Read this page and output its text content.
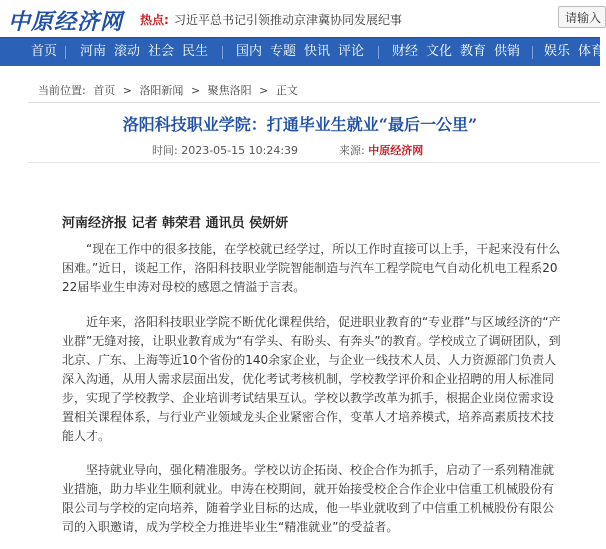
中原经济网 热点: 习近平总书记引领推动京津冀协同发展纪事	请输入
首页 河南 滚动 社会 民生 国内 专题 快讯 评论 财经 文化 教育 供销 娱乐 体育
当前位置: 首页 > 洛阳新闻 > 聚焦洛阳 > 正文
洛阳科技职业学院：打通毕业生就业“最后一公里”
时间: 2023-05-15 10:24:39	来源: 中原经济网
河南经济报 记者 韩荣君 通讯员 侯妍妍
“现在工作中的很多技能，在学校就已经学过，所以工作时直接可以上手，干起来没有什么困难。”近日，谈起工作，洛阳科技职业学院智能制造与汽车工程学院电气自动化机电工程系2022届毕业生申涛对母校的感恩之情溢于言表。
近年来，洛阳科技职业学院不断优化课程供给，促进职业教育的“专业群”与区域经济的“产业群”无缝对接，让职业教育成为“有学头、有盼头、有奔头”的教育。学校成立了调研团队，到北京、广东、上海等近10个省份的140余家企业，与企业一线技术人员、人力资源部门负责人深入沟通，从用人需求层面出发，优化考试考核机制，学校教学评价和企业招聘的用人标准同步，实现了学校教学、企业培训考试结果互认。学校以教学改革为抓手，根据企业岗位需求设置相关课程体系，与行业产业领域龙头企业紧密合作，变革人才培养模式，培养高素质技术技能人才。
坚持就业导向，强化精准服务。学校以访企拓岗、校企合作为抓手，启动了一系列精准就业措施，助力毕业生顺利就业。申涛在校期间，就开始接受校企合作企业中信重工机械股份有限公司与学校的定向培养，随着学业目标的达成，他一毕业就收到了中信重工机械股份有限公司的入职邀请，成为学校全力推进毕业生“精准就业”的受益者。
